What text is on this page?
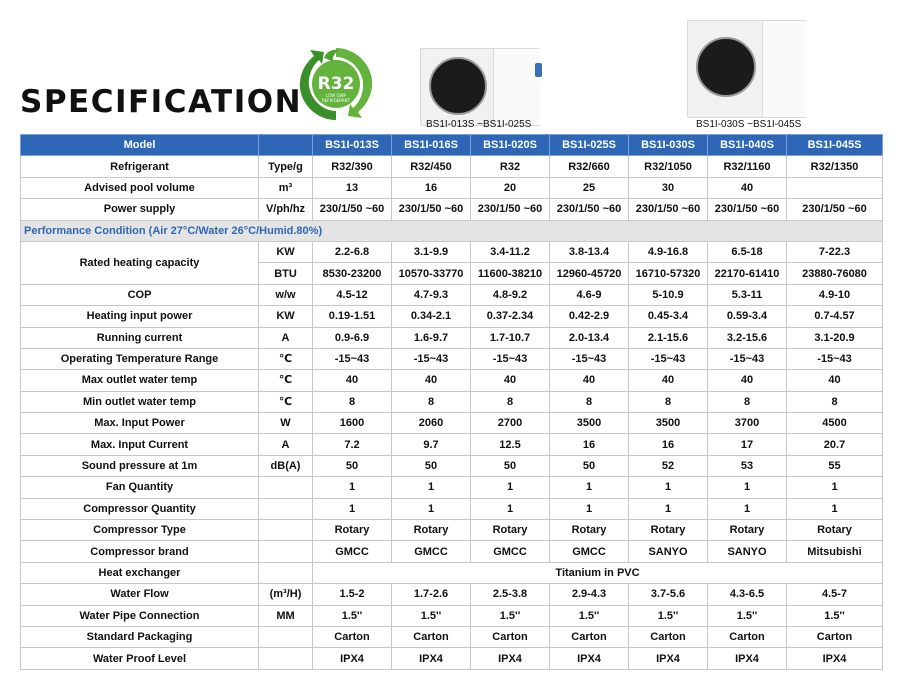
SPECIFICATION R32
LOW GWP
REFRIGERANT
BS1I-013S ~BS1I-025S	BS1I-030S ~BS1I-045S
Model		BS1I-013S	BS1I-016S	BS1I-020S	BS1I-025S	BS1I-030S	BS1I-040S	BS1I-045S
Refrigerant	Type/g	R32/390	R32/450	R32	R32/660	R32/1050	R32/1160	R32/1350
Advised pool volume	m³	13	16	20	25	30	40	
Power supply	V/ph/hz	230/1/50 ~60	230/1/50 ~60	230/1/50 ~60	230/1/50 ~60	230/1/50 ~60	230/1/50 ~60	230/1/50 ~60
Performance Condition (Air 27°C/Water 26°C/Humid.80%)								
Rated heating capacity	KW	2.2-6.8	3.1-9.9	3.4-11.2	3.8-13.4	4.9-16.8	6.5-18	7-22.3
	BTU	8530-23200	10570-33770	11600-38210	12960-45720	16710-57320	22170-61410	23880-76080
COP	w/w	4.5-12	4.7-9.3	4.8-9.2	4.6-9	5-10.9	5.3-11	4.9-10
Heating input power	KW	0.19-1.51	0.34-2.1	0.37-2.34	0.42-2.9	0.45-3.4	0.59-3.4	0.7-4.57
Running current	A	0.9-6.9	1.6-9.7	1.7-10.7	2.0-13.4	2.1-15.6	3.2-15.6	3.1-20.9
Operating Temperature Range	℃	-15~43	-15~43	-15~43	-15~43	-15~43	-15~43	-15~43
Max outlet water temp	℃	40	40	40	40	40	40	40
Min outlet water temp	℃	8	8	8	8	8	8	8
Max. Input Power	W	1600	2060	2700	3500	3500	3700	4500
Max. Input Current	A	7.2	9.7	12.5	16	16	17	20.7
Sound pressure at 1m	dB(A)	50	50	50	50	52	53	55
Fan Quantity		1	1	1	1	1	1	1
Compressor Quantity		1	1	1	1	1	1	1
Compressor Type		Rotary	Rotary	Rotary	Rotary	Rotary	Rotary	Rotary
Compressor brand		GMCC	GMCC	GMCC	GMCC	SANYO	SANYO	Mitsubishi
Heat exchanger		Titanium in PVC						
Water Flow	(m³/H)	1.5-2	1.7-2.6	2.5-3.8	2.9-4.3	3.7-5.6	4.3-6.5	4.5-7
Water Pipe Connection	MM	1.5''	1.5''	1.5''	1.5''	1.5''	1.5''	1.5''
Standard Packaging		Carton	Carton	Carton	Carton	Carton	Carton	Carton
Water Proof Level		IPX4	IPX4	IPX4	IPX4	IPX4	IPX4	IPX4
